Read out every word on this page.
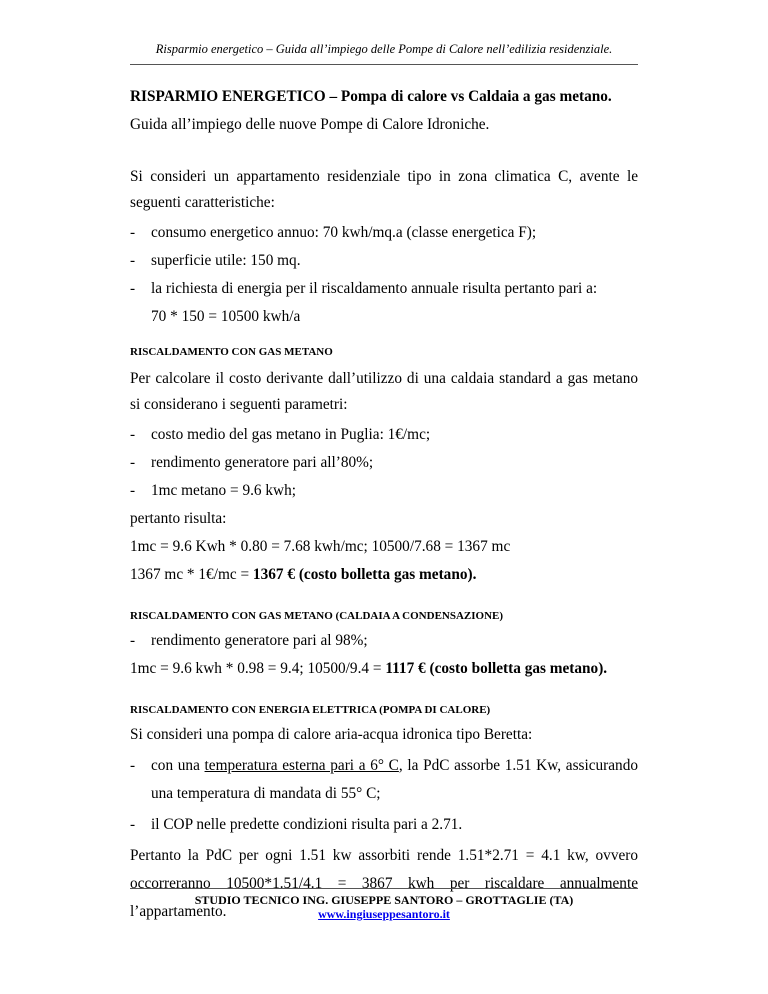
Risparmio energetico – Guida all’impiego delle Pompe di Calore nell’edilizia residenziale.

RISPARMIO ENERGETICO – Pompa di calore vs Caldaia a gas metano.

Guida all’impiego delle nuove Pompe di Calore Idroniche.

Si consideri un appartamento residenziale tipo in zona climatica C, avente le seguenti caratteristiche:

- consumo energetico annuo: 70 kwh/mq.a (classe energetica F);
- superficie utile: 150 mq.
- la richiesta di energia per il riscaldamento annuale risulta pertanto pari a:
70 * 150 = 10500 kwh/a

RISCALDAMENTO CON GAS METANO

Per calcolare il costo derivante dall’utilizzo di una caldaia standard a gas metano si considerano i seguenti parametri:

- costo medio del gas metano in Puglia: 1€/mc;
- rendimento generatore pari all’80%;
- 1mc metano = 9.6 kwh;

pertanto risulta:

1mc = 9.6 Kwh * 0.80 = 7.68 kwh/mc; 10500/7.68 = 1367 mc

1367 mc * 1€/mc = 1367 € (costo bolletta gas metano).

RISCALDAMENTO CON GAS METANO (CALDAIA A CONDENSAZIONE)

- rendimento generatore pari al 98%;

1mc = 9.6 kwh * 0.98 = 9.4; 10500/9.4 = 1117 € (costo bolletta gas metano).

RISCALDAMENTO CON ENERGIA ELETTRICA (POMPA DI CALORE)

Si consideri una pompa di calore aria-acqua idronica tipo Beretta:

- con una temperatura esterna pari a 6° C, la PdC assorbe 1.51 Kw, assicurando una temperatura di mandata di 55° C;
- il COP nelle predette condizioni risulta pari a 2.71.

Pertanto la PdC per ogni 1.51 kw assorbiti rende 1.51*2.71 = 4.1 kw, ovvero occorreranno 10500*1.51/4.1 = 3867 kwh per riscaldare annualmente l’appartamento.

STUDIO TECNICO ING. GIUSEPPE SANTORO – GROTTAGLIE (TA)
www.ingiuseppesantoro.it
